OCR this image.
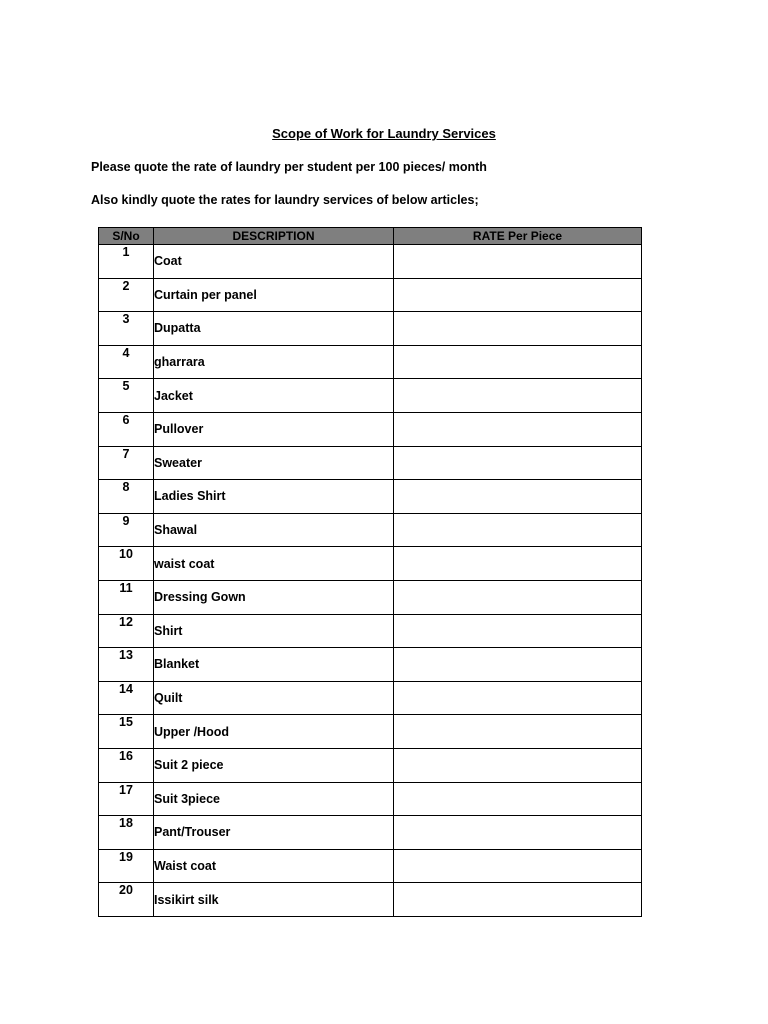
Scope of Work for Laundry Services
Please quote the rate of laundry per student per 100 pieces/ month
Also kindly quote the rates for laundry services of below articles;
S/No	DESCRIPTION	RATE Per Piece
1	Coat	
2	Curtain per panel	
3	Dupatta	
4	gharrara	
5	Jacket	
6	Pullover	
7	Sweater	
8	Ladies Shirt	
9	Shawal	
10	waist coat	
11	Dressing Gown	
12	Shirt	
13	Blanket	
14	Quilt	
15	Upper /Hood	
16	Suit 2 piece	
17	Suit 3piece	
18	Pant/Trouser	
19	Waist coat	
20	Issikirt silk	
